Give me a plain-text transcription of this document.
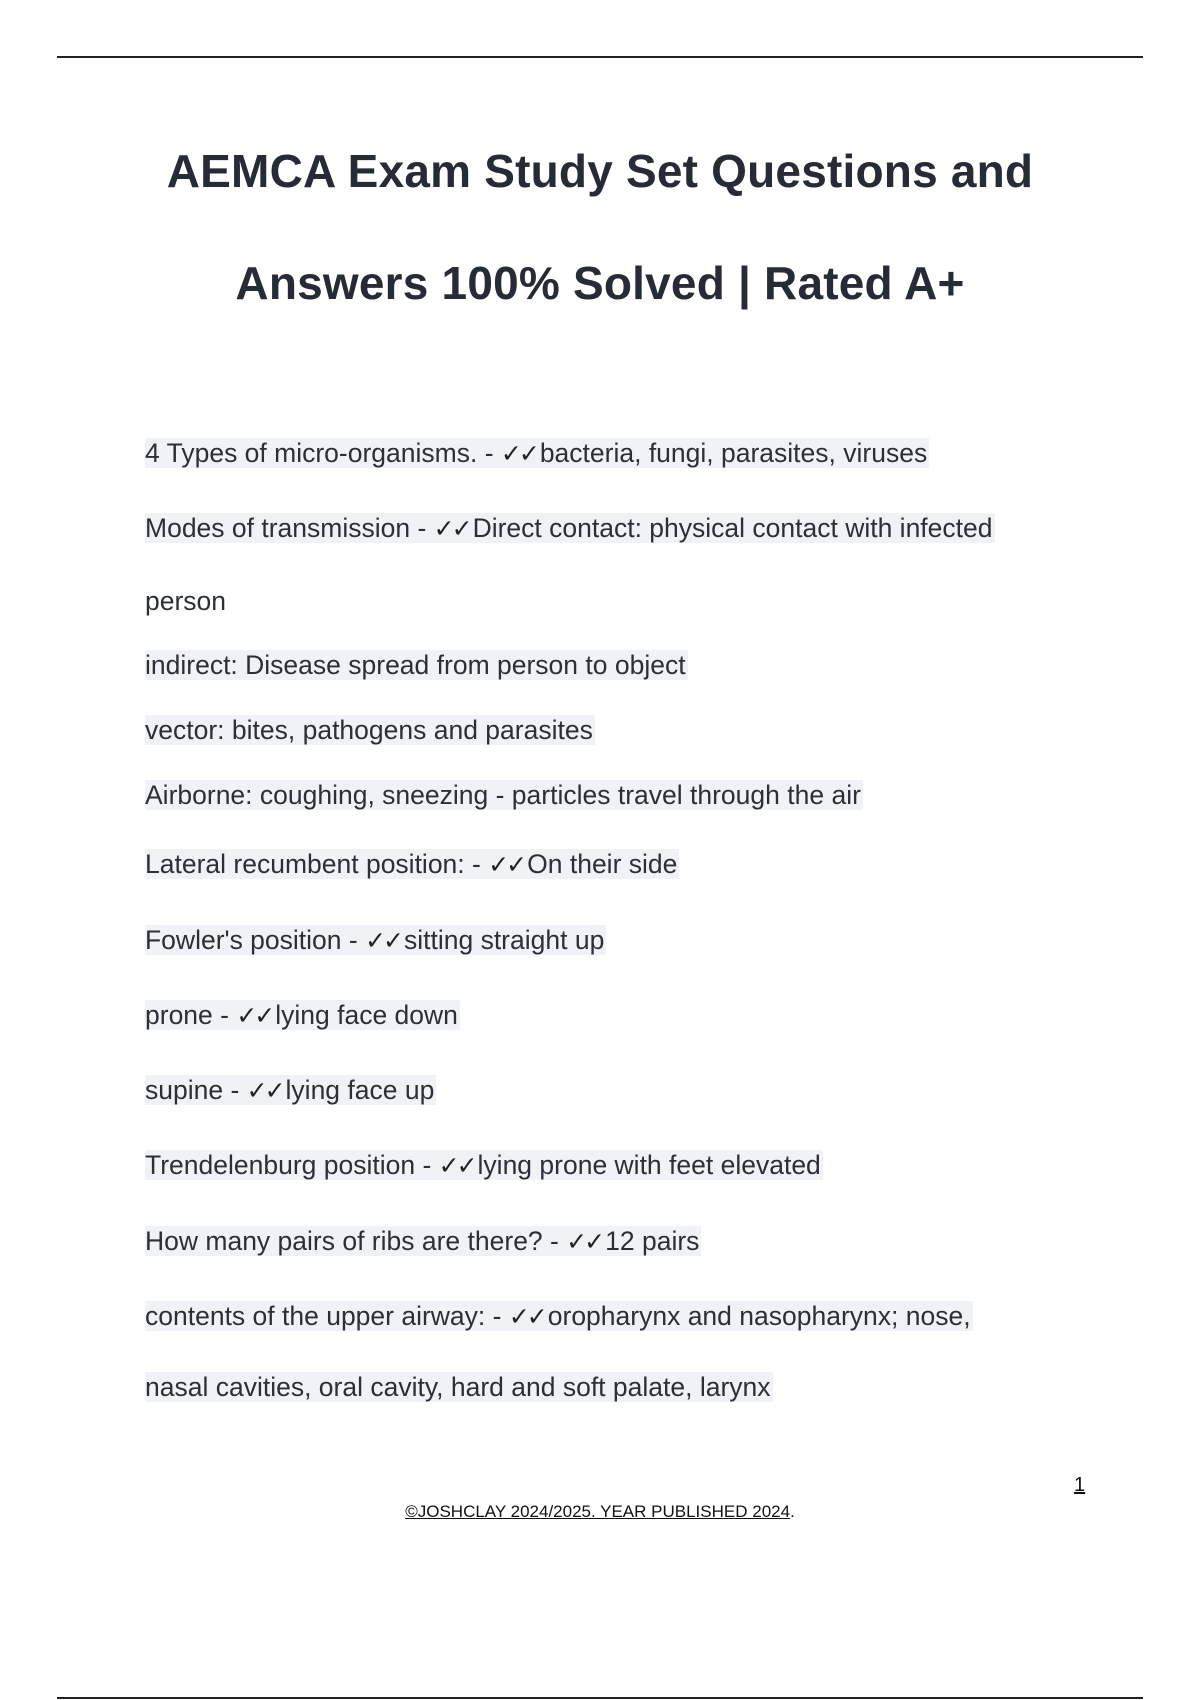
AEMCA Exam Study Set Questions and
Answers 100% Solved | Rated A+
4 Types of micro-organisms. - ✓✓ bacteria, fungi, parasites, viruses
Modes of transmission - ✓✓ Direct contact: physical contact with infected
person
indirect: Disease spread from person to object
vector: bites, pathogens and parasites
Airborne: coughing, sneezing - particles travel through the air
Lateral recumbent position: - ✓✓ On their side
Fowler's position - ✓✓ sitting straight up
prone - ✓✓ lying face down
supine - ✓✓ lying face up
Trendelenburg position - ✓✓ lying prone with feet elevated
How many pairs of ribs are there? - ✓✓ 12 pairs
contents of the upper airway: - ✓✓ oropharynx and nasopharynx; nose,
nasal cavities, oral cavity, hard and soft palate, larynx
1
©JOSHCLAY 2024/2025. YEAR PUBLISHED 2024.
